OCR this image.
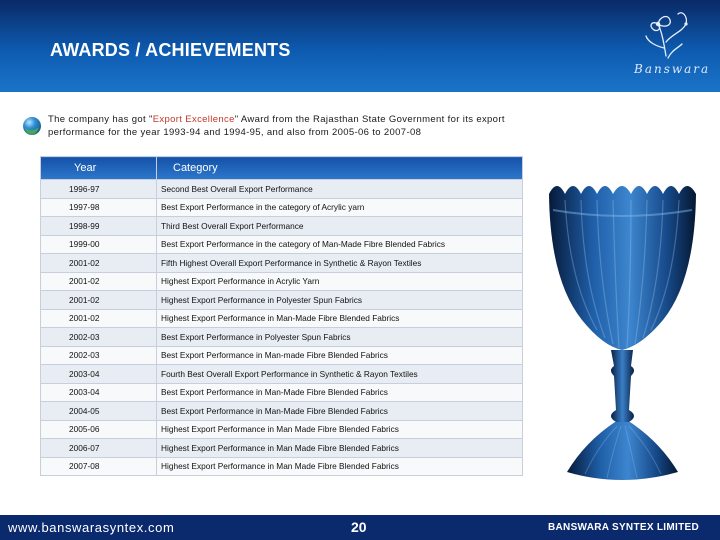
AWARDS / ACHIEVEMENTS
Banswara
The company has got "Export Excellence" Award from the Rajasthan State Government for its export performance for the year 1993-94 and 1994-95, and also from 2005-06 to 2007-08
Year	Category
1996-97	Second Best Overall Export Performance
1997-98	Best Export Performance in the category of Acrylic yarn
1998-99	Third Best Overall Export Performance
1999-00	Best Export Performance in the category of Man-Made Fibre Blended Fabrics
2001-02	Fifth Highest Overall Export Performance in Synthetic & Rayon Textiles
2001-02	Highest Export Performance in Acrylic Yarn
2001-02	Highest Export Performance in Polyester Spun Fabrics
2001-02	Highest Export Performance in Man-Made Fibre Blended Fabrics
2002-03	Best Export Performance in Polyester Spun Fabrics
2002-03	Best Export Performance in Man-made Fibre Blended Fabrics
2003-04	Fourth Best Overall Export Performance in Synthetic & Rayon Textiles
2003-04	Best Export Performance in Man-Made Fibre Blended Fabrics
2004-05	Best Export Performance in Man-Made Fibre Blended Fabrics
2005-06	Highest Export Performance in Man Made Fibre Blended Fabrics
2006-07	Highest Export Performance in Man Made Fibre Blended Fabrics
2007-08	Highest Export Performance in Man Made Fibre Blended Fabrics
www.banswarasyntex.com	20	BANSWARA SYNTEX LIMITED
